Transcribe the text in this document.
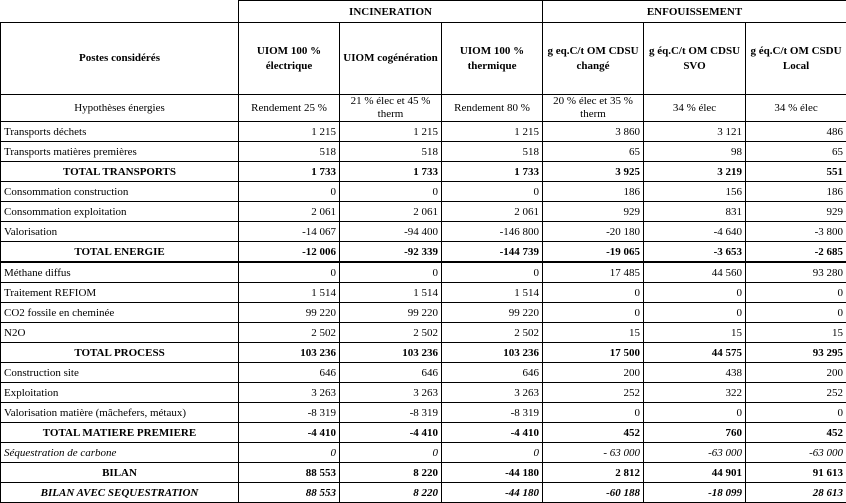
	INCINERATION			ENFOUISSEMENT		
Postes considérés	UIOM 100 % électrique	UIOM cogénération	UIOM 100 % thermique	g eq.C/t OM CDSU changé	g éq.C/t OM CDSU SVO	g éq.C/t OM CSDU Local
Hypothèses énergies	Rendement 25 %	21 % élec et 45 % therm	Rendement 80 %	20 % élec et 35 % therm	34 % élec	34 % élec
Transports déchets	1 215	1 215	1 215	3 860	3 121	486
Transports matières premières	518	518	518	65	98	65
TOTAL TRANSPORTS	1 733	1 733	1 733	3 925	3 219	551
Consommation construction	0	0	0	186	156	186
Consommation exploitation	2 061	2 061	2 061	929	831	929
Valorisation	-14 067	-94 400	-146 800	-20 180	-4 640	-3 800
TOTAL ENERGIE	-12 006	-92 339	-144 739	-19 065	-3 653	-2 685
Méthane diffus	0	0	0	17 485	44 560	93 280
Traitement REFIOM	1 514	1 514	1 514	0	0	0
CO2 fossile en cheminée	99 220	99 220	99 220	0	0	0
N2O	2 502	2 502	2 502	15	15	15
TOTAL PROCESS	103 236	103 236	103 236	17 500	44 575	93 295
Construction site	646	646	646	200	438	200
Exploitation	3 263	3 263	3 263	252	322	252
Valorisation matière (mâchefers, métaux)	-8 319	-8 319	-8 319	0	0	0
TOTAL MATIERE PREMIERE	-4 410	-4 410	-4 410	452	760	452
Séquestration de carbone	0	0	0	- 63 000	-63 000	-63 000
BILAN	88 553	8 220	-44 180	2 812	44 901	91 613
BILAN AVEC SEQUESTRATION	88 553	8 220	-44 180	-60 188	-18 099	28 613
